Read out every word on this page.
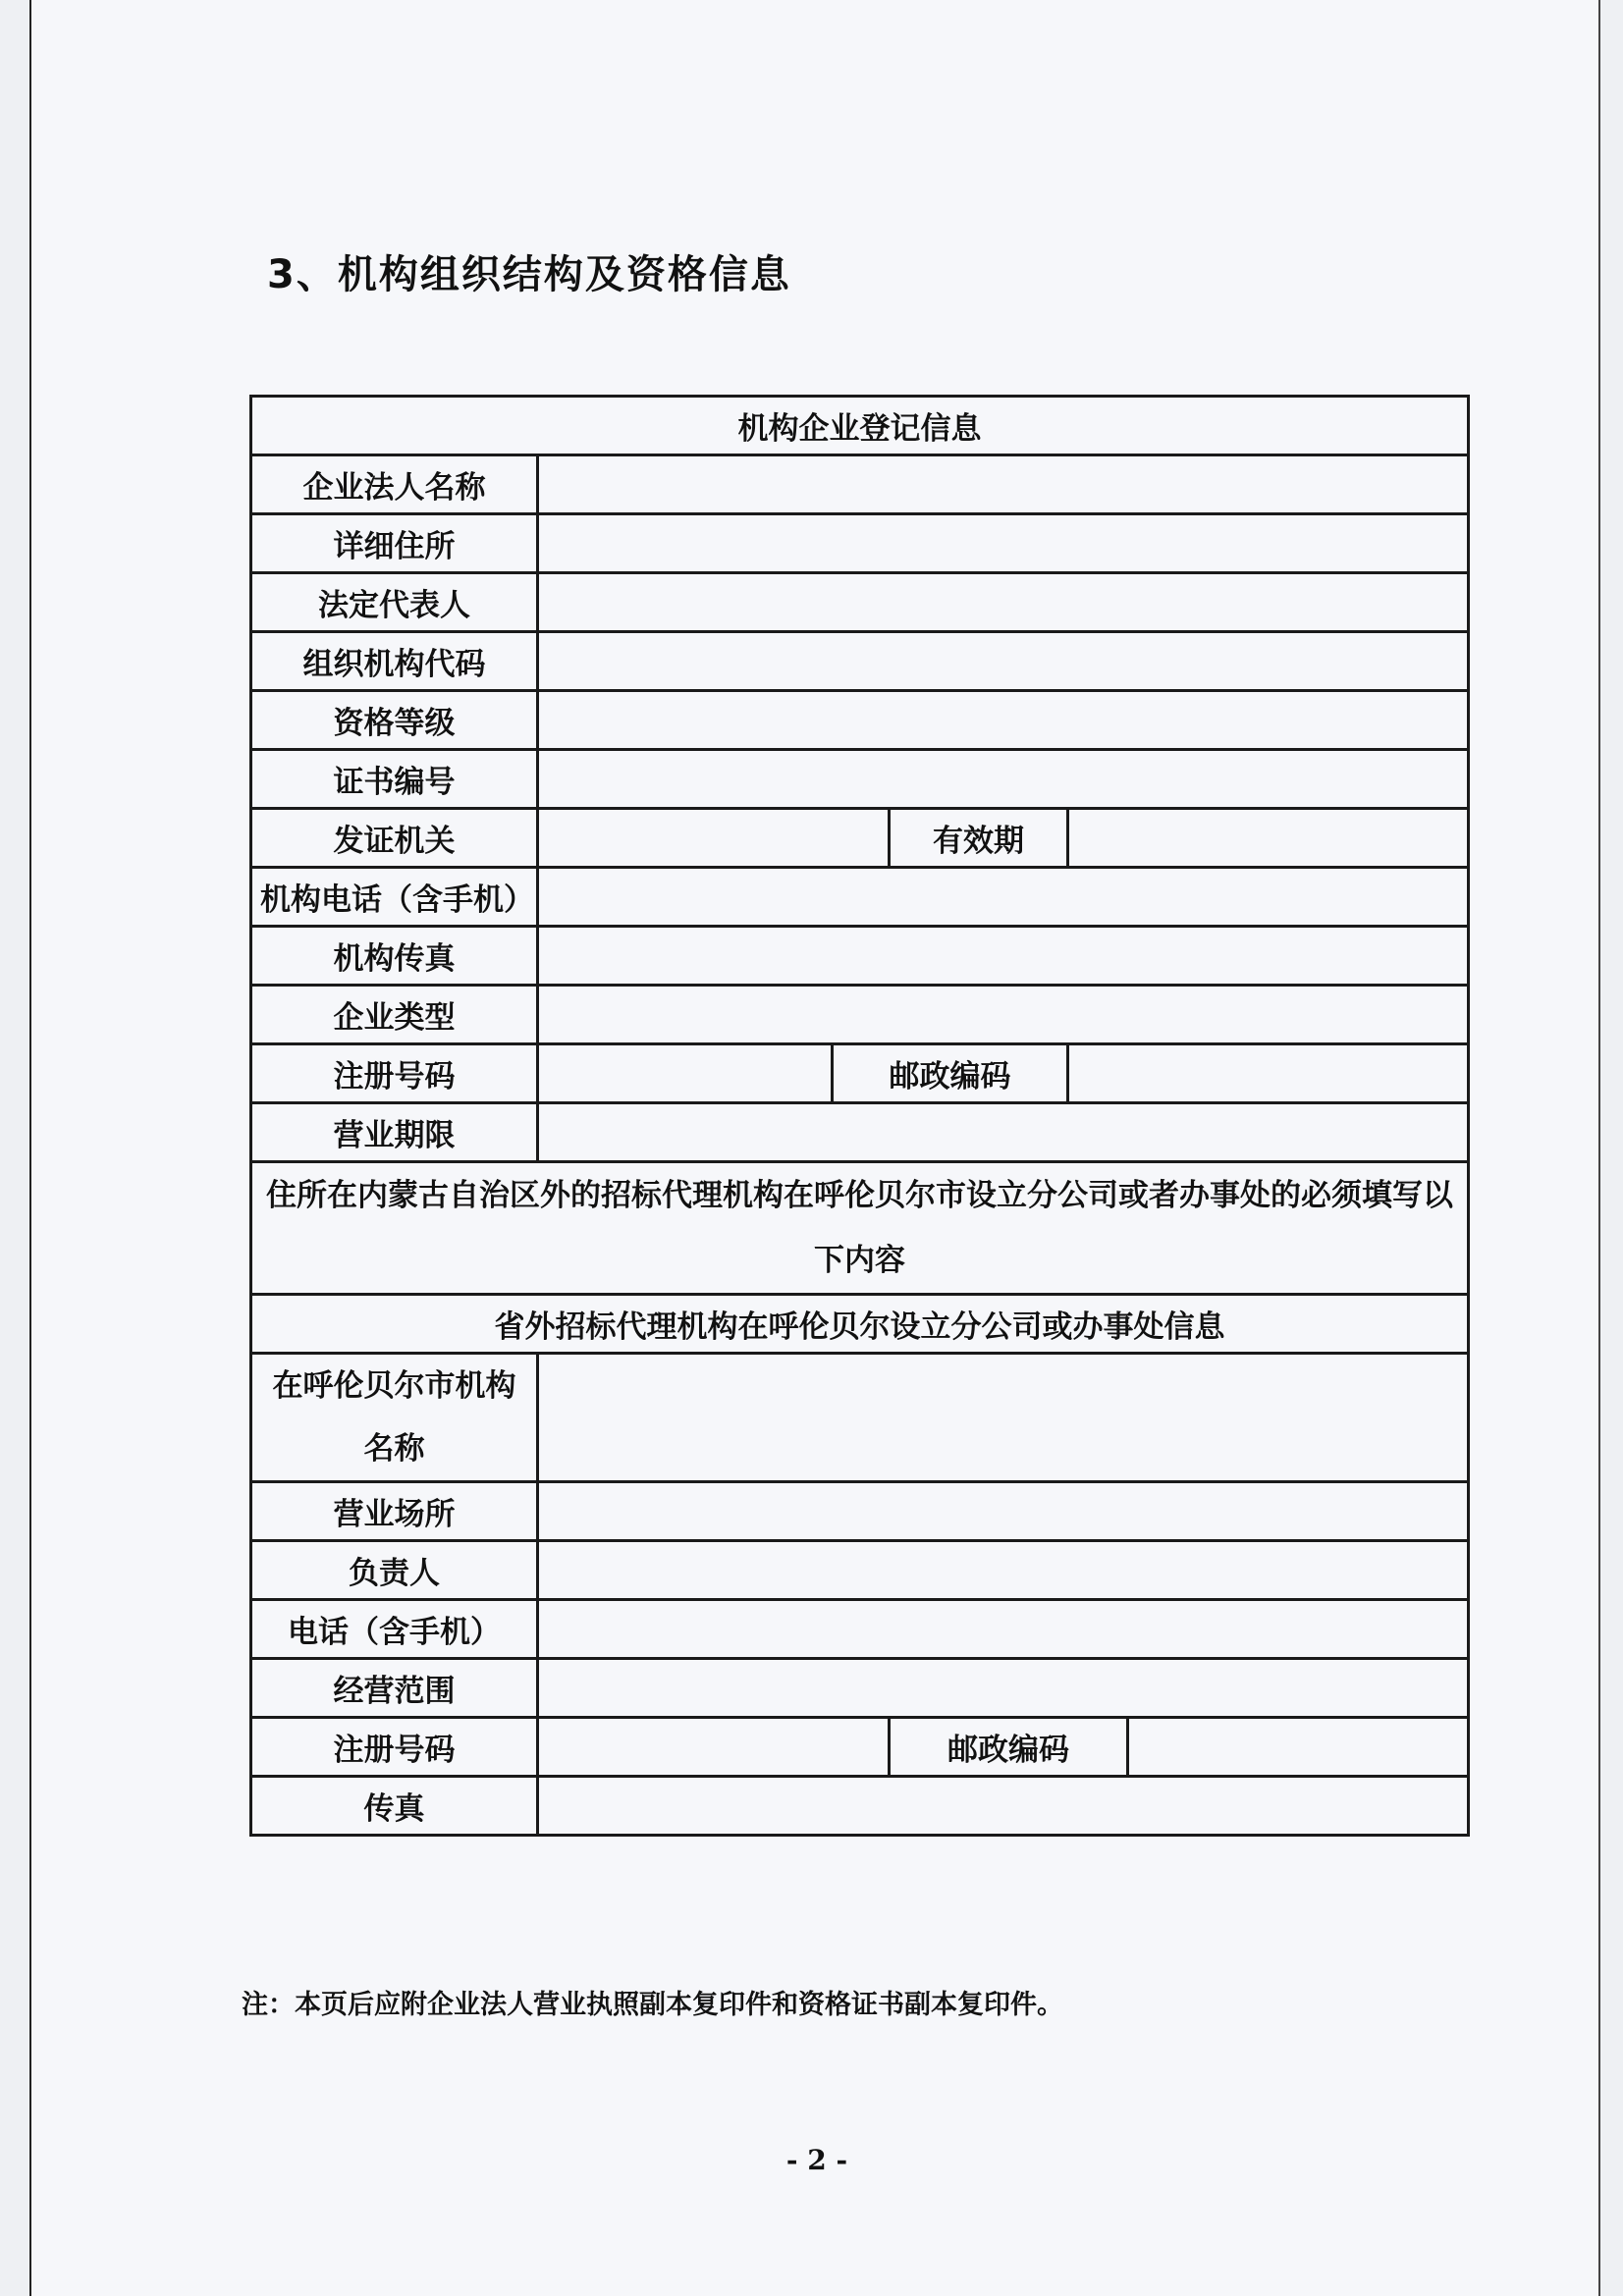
3、机构组织结构及资格信息
机构企业登记信息					
企业法人名称					
详细住所					
法定代表人					
组织机构代码					
资格等级					
证书编号					
发证机关			有效期		
机构电话（含手机）					
机构传真					
企业类型					
注册号码		邮政编码			
营业期限					
住所在内蒙古自治区外的招标代理机构在呼伦贝尔市设立分公司或者办事处的必须填写以下内容					
省外招标代理机构在呼伦贝尔设立分公司或办事处信息					
在呼伦贝尔市机构名称					
营业场所					
负责人					
电话（含手机）					
经营范围					
注册号码			邮政编码		
传真					

注：本页后应附企业法人营业执照副本复印件和资格证书副本复印件。

- 2 -
